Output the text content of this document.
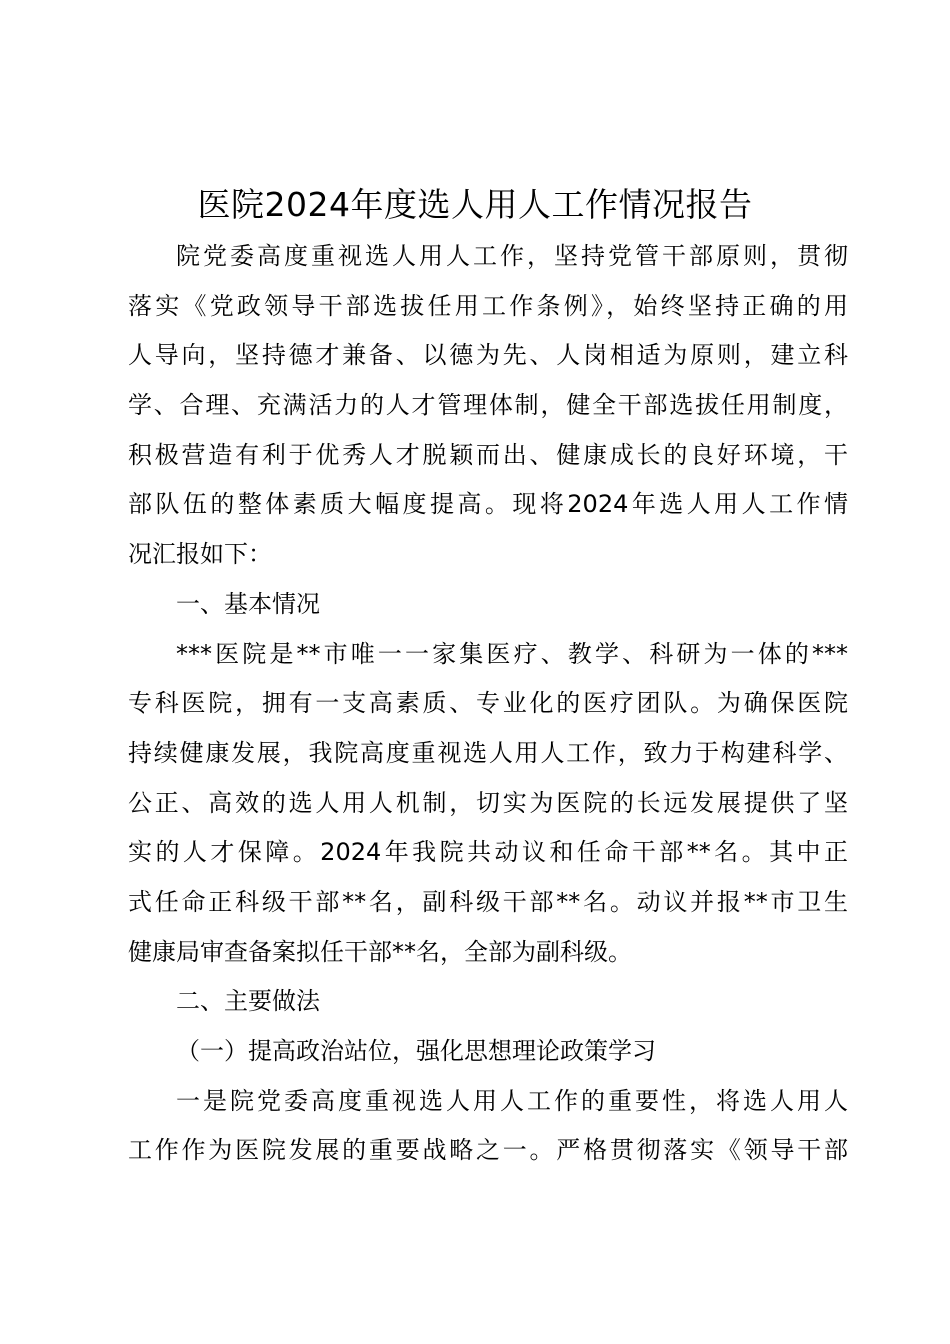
医院2024年度选人用人工作情况报告
院党委高度重视选人用人工作，坚持党管干部原则，贯彻
落实《党政领导干部选拔任用工作条例》，始终坚持正确的用
人导向，坚持德才兼备、以德为先、人岗相适为原则，建立科
学、合理、充满活力的人才管理体制，健全干部选拔任用制度，
积极营造有利于优秀人才脱颖而出、健康成长的良好环境，干
部队伍的整体素质大幅度提高。现将2024年选人用人工作情
况汇报如下：
一、基本情况
***医院是**市唯一一家集医疗、教学、科研为一体的***
专科医院，拥有一支高素质、专业化的医疗团队。为确保医院
持续健康发展，我院高度重视选人用人工作，致力于构建科学、
公正、高效的选人用人机制，切实为医院的长远发展提供了坚
实的人才保障。2024年我院共动议和任命干部**名。其中正
式任命正科级干部**名，副科级干部**名。动议并报**市卫生
健康局审查备案拟任干部**名，全部为副科级。
二、主要做法
（一）提高政治站位，强化思想理论政策学习
一是院党委高度重视选人用人工作的重要性，将选人用人
工作作为医院发展的重要战略之一。严格贯彻落实《领导干部
